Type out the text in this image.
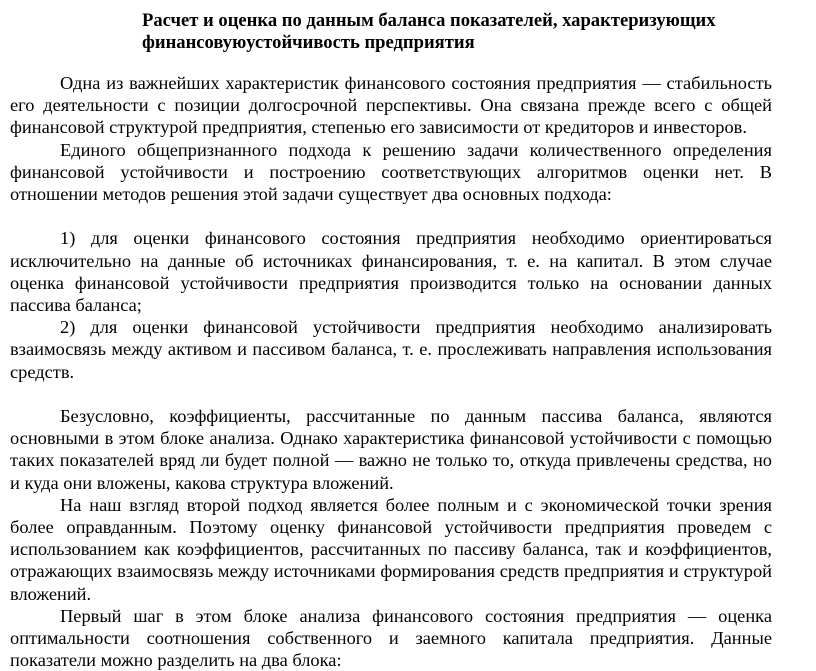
Расчет и оценка по данным баланса показателей, характеризующих финансовуюустойчивость предприятия

Одна из важнейших характеристик финансового состояния предприятия — стабильность его деятельности с позиции долгосрочной перспективы. Она связана прежде всего с общей финансовой структурой предприятия, степенью его зависимости от кредиторов и инвесторов.

Единого общепризнанного подхода к решению задачи количественного определения финансовой устойчивости и построению соответствующих алгоритмов оценки нет. В отношении методов решения этой задачи существует два основных подхода:

1) для оценки финансового состояния предприятия необходимо ориентироваться исключительно на данные об источниках финансирования, т. е. на капитал. В этом случае оценка финансовой устойчивости предприятия производится только на основании данных пассива баланса;

2) для оценки финансовой устойчивости предприятия необходимо анализировать взаимосвязь между активом и пассивом баланса, т. е. прослеживать направления использования средств.

Безусловно, коэффициенты, рассчитанные по данным пассива баланса, являются основными в этом блоке анализа. Однако характеристика финансовой устойчивости с помощью таких показателей вряд ли будет полной — важно не только то, откуда привлечены средства, но и куда они вложены, какова структура вложений.

На наш взгляд второй подход является более полным и с экономической точки зрения более оправданным. Поэтому оценку финансовой устойчивости предприятия проведем с использованием как коэффициентов, рассчитанных по пассиву баланса, так и коэффициентов, отражающих взаимосвязь между источниками формирования средств предприятия и структурой вложений.

Первый шаг в этом блоке анализа финансового состояния предприятия — оценка оптимальности соотношения собственного и заемного капитала предприятия. Данные показатели можно разделить на два блока:
